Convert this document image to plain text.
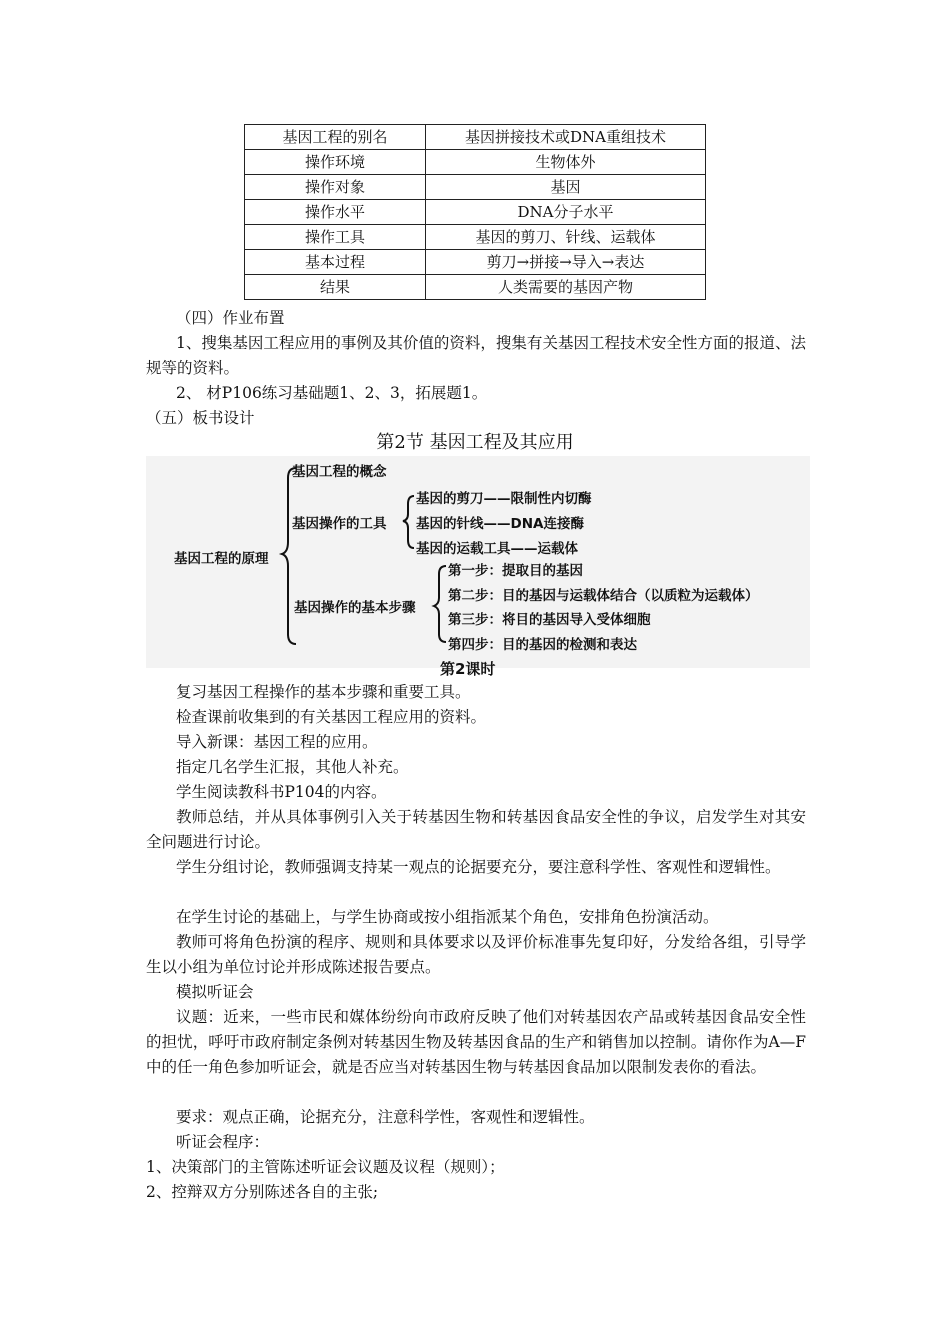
基因工程的别名	基因拼接技术或DNA重组技术
操作环境	生物体外
操作对象	基因
操作水平	DNA分子水平
操作工具	基因的剪刀、针线、运载体
基本过程	剪刀→拼接→导入→表达
结果	人类需要的基因产物
（四）作业布置
1、搜集基因工程应用的事例及其价值的资料，搜集有关基因工程技术安全性方面的报道、法规等的资料。
2、 材P106练习基础题1、2、3，拓展题1。
（五）板书设计
第2节 基因工程及其应用
基因工程的原理
基因工程的概念
基因操作的工具
基因的剪刀——限制性内切酶
基因的针线——DNA连接酶
基因的运载工具——运载体
基因操作的基本步骤
第一步：提取目的基因
第二步：目的基因与运载体结合（以质粒为运载体）
第三步：将目的基因导入受体细胞
第四步：目的基因的检测和表达
第2课时
复习基因工程操作的基本步骤和重要工具。
检查课前收集到的有关基因工程应用的资料。
导入新课：基因工程的应用。
指定几名学生汇报，其他人补充。
学生阅读教科书P104的内容。
教师总结，并从具体事例引入关于转基因生物和转基因食品安全性的争议，启发学生对其安全问题进行讨论。
学生分组讨论，教师强调支持某一观点的论据要充分，要注意科学性、客观性和逻辑性。
在学生讨论的基础上，与学生协商或按小组指派某个角色，安排角色扮演活动。
教师可将角色扮演的程序、规则和具体要求以及评价标准事先复印好，分发给各组，引导学生以小组为单位讨论并形成陈述报告要点。
模拟听证会
议题：近来，一些市民和媒体纷纷向市政府反映了他们对转基因农产品或转基因食品安全性的担忧，呼吁市政府制定条例对转基因生物及转基因食品的生产和销售加以控制。请你作为A—F中的任一角色参加听证会，就是否应当对转基因生物与转基因食品加以限制发表你的看法。
要求：观点正确，论据充分，注意科学性，客观性和逻辑性。
听证会程序：
1、决策部门的主管陈述听证会议题及议程（规则）；
2、控辩双方分别陈述各自的主张;
